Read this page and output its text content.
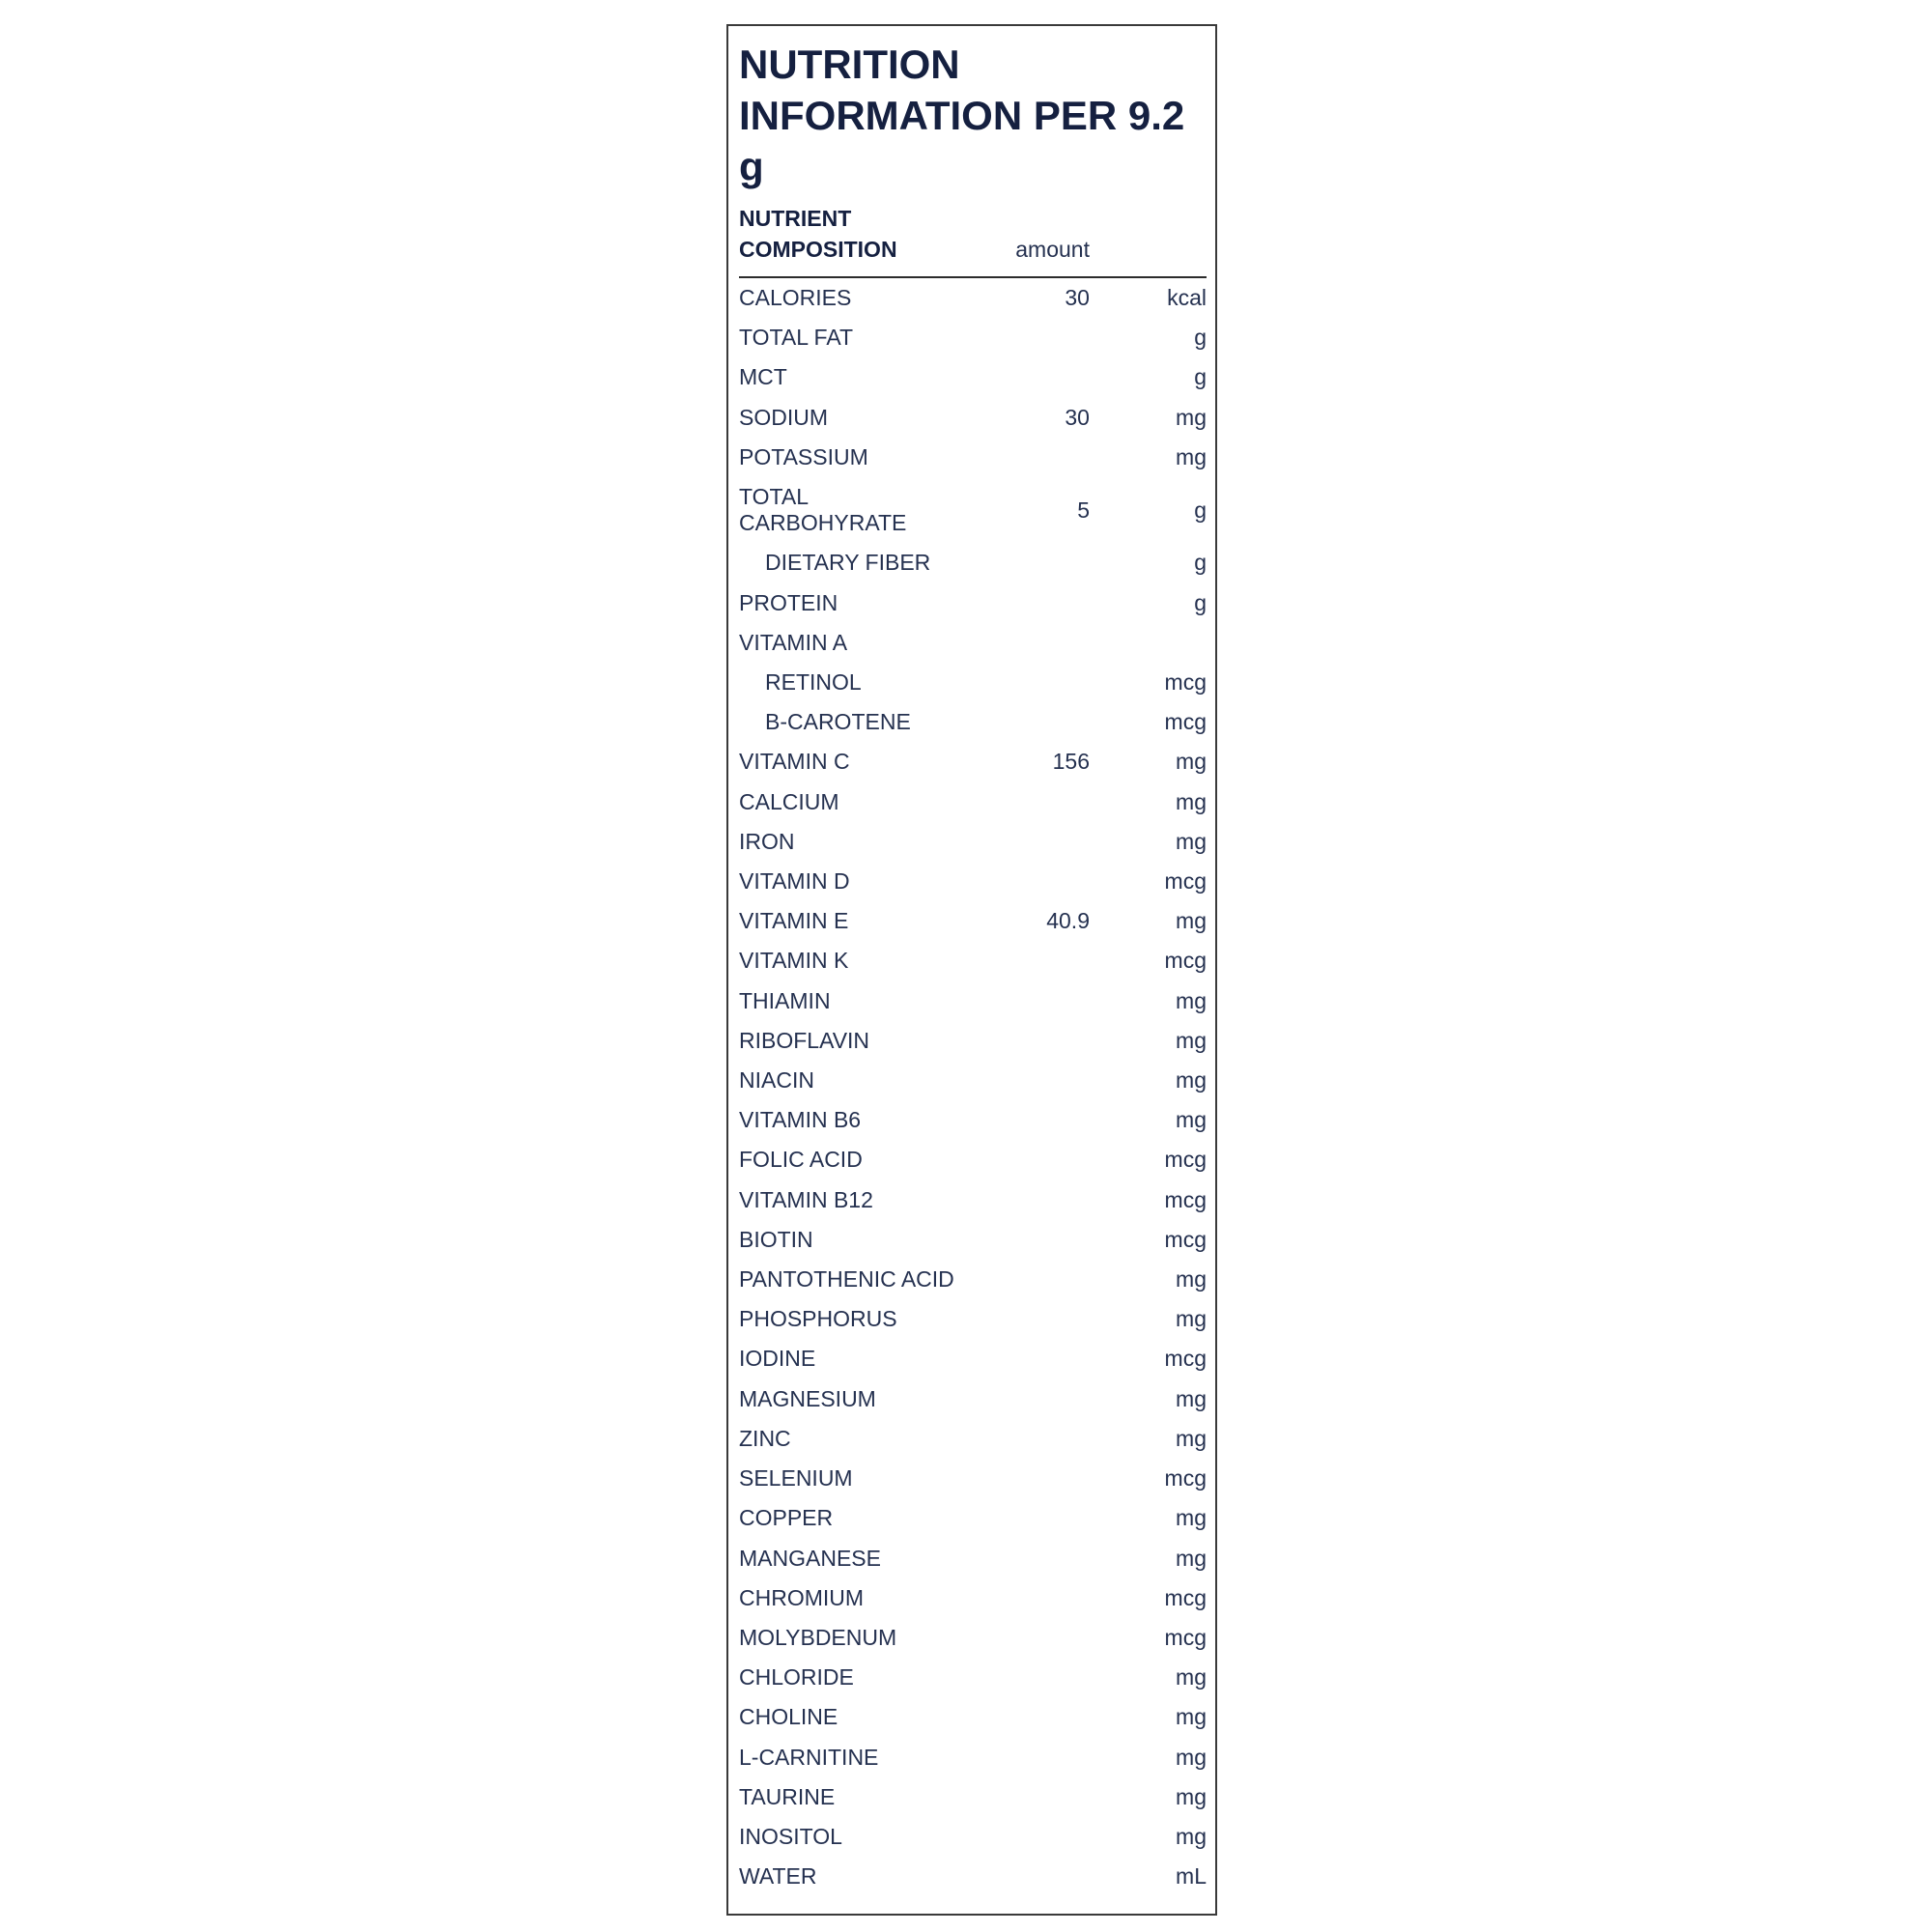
NUTRITION INFORMATION PER 9.2 g
NUTRIENT COMPOSITION	amount	
CALORIES	30	kcal
TOTAL FAT		g
MCT		g
SODIUM	30	mg
POTASSIUM		mg
TOTAL CARBOHYRATE	5	g
DIETARY FIBER		g
PROTEIN		g
VITAMIN A		
RETINOL		mcg
B-CAROTENE		mcg
VITAMIN C	156	mg
CALCIUM		mg
IRON		mg
VITAMIN D		mcg
VITAMIN E	40.9	mg
VITAMIN K		mcg
THIAMIN		mg
RIBOFLAVIN		mg
NIACIN		mg
VITAMIN B6		mg
FOLIC ACID		mcg
VITAMIN B12		mcg
BIOTIN		mcg
PANTOTHENIC ACID		mg
PHOSPHORUS		mg
IODINE		mcg
MAGNESIUM		mg
ZINC		mg
SELENIUM		mcg
COPPER		mg
MANGANESE		mg
CHROMIUM		mcg
MOLYBDENUM		mcg
CHLORIDE		mg
CHOLINE		mg
L-CARNITINE		mg
TAURINE		mg
INOSITOL		mg
WATER		mL
